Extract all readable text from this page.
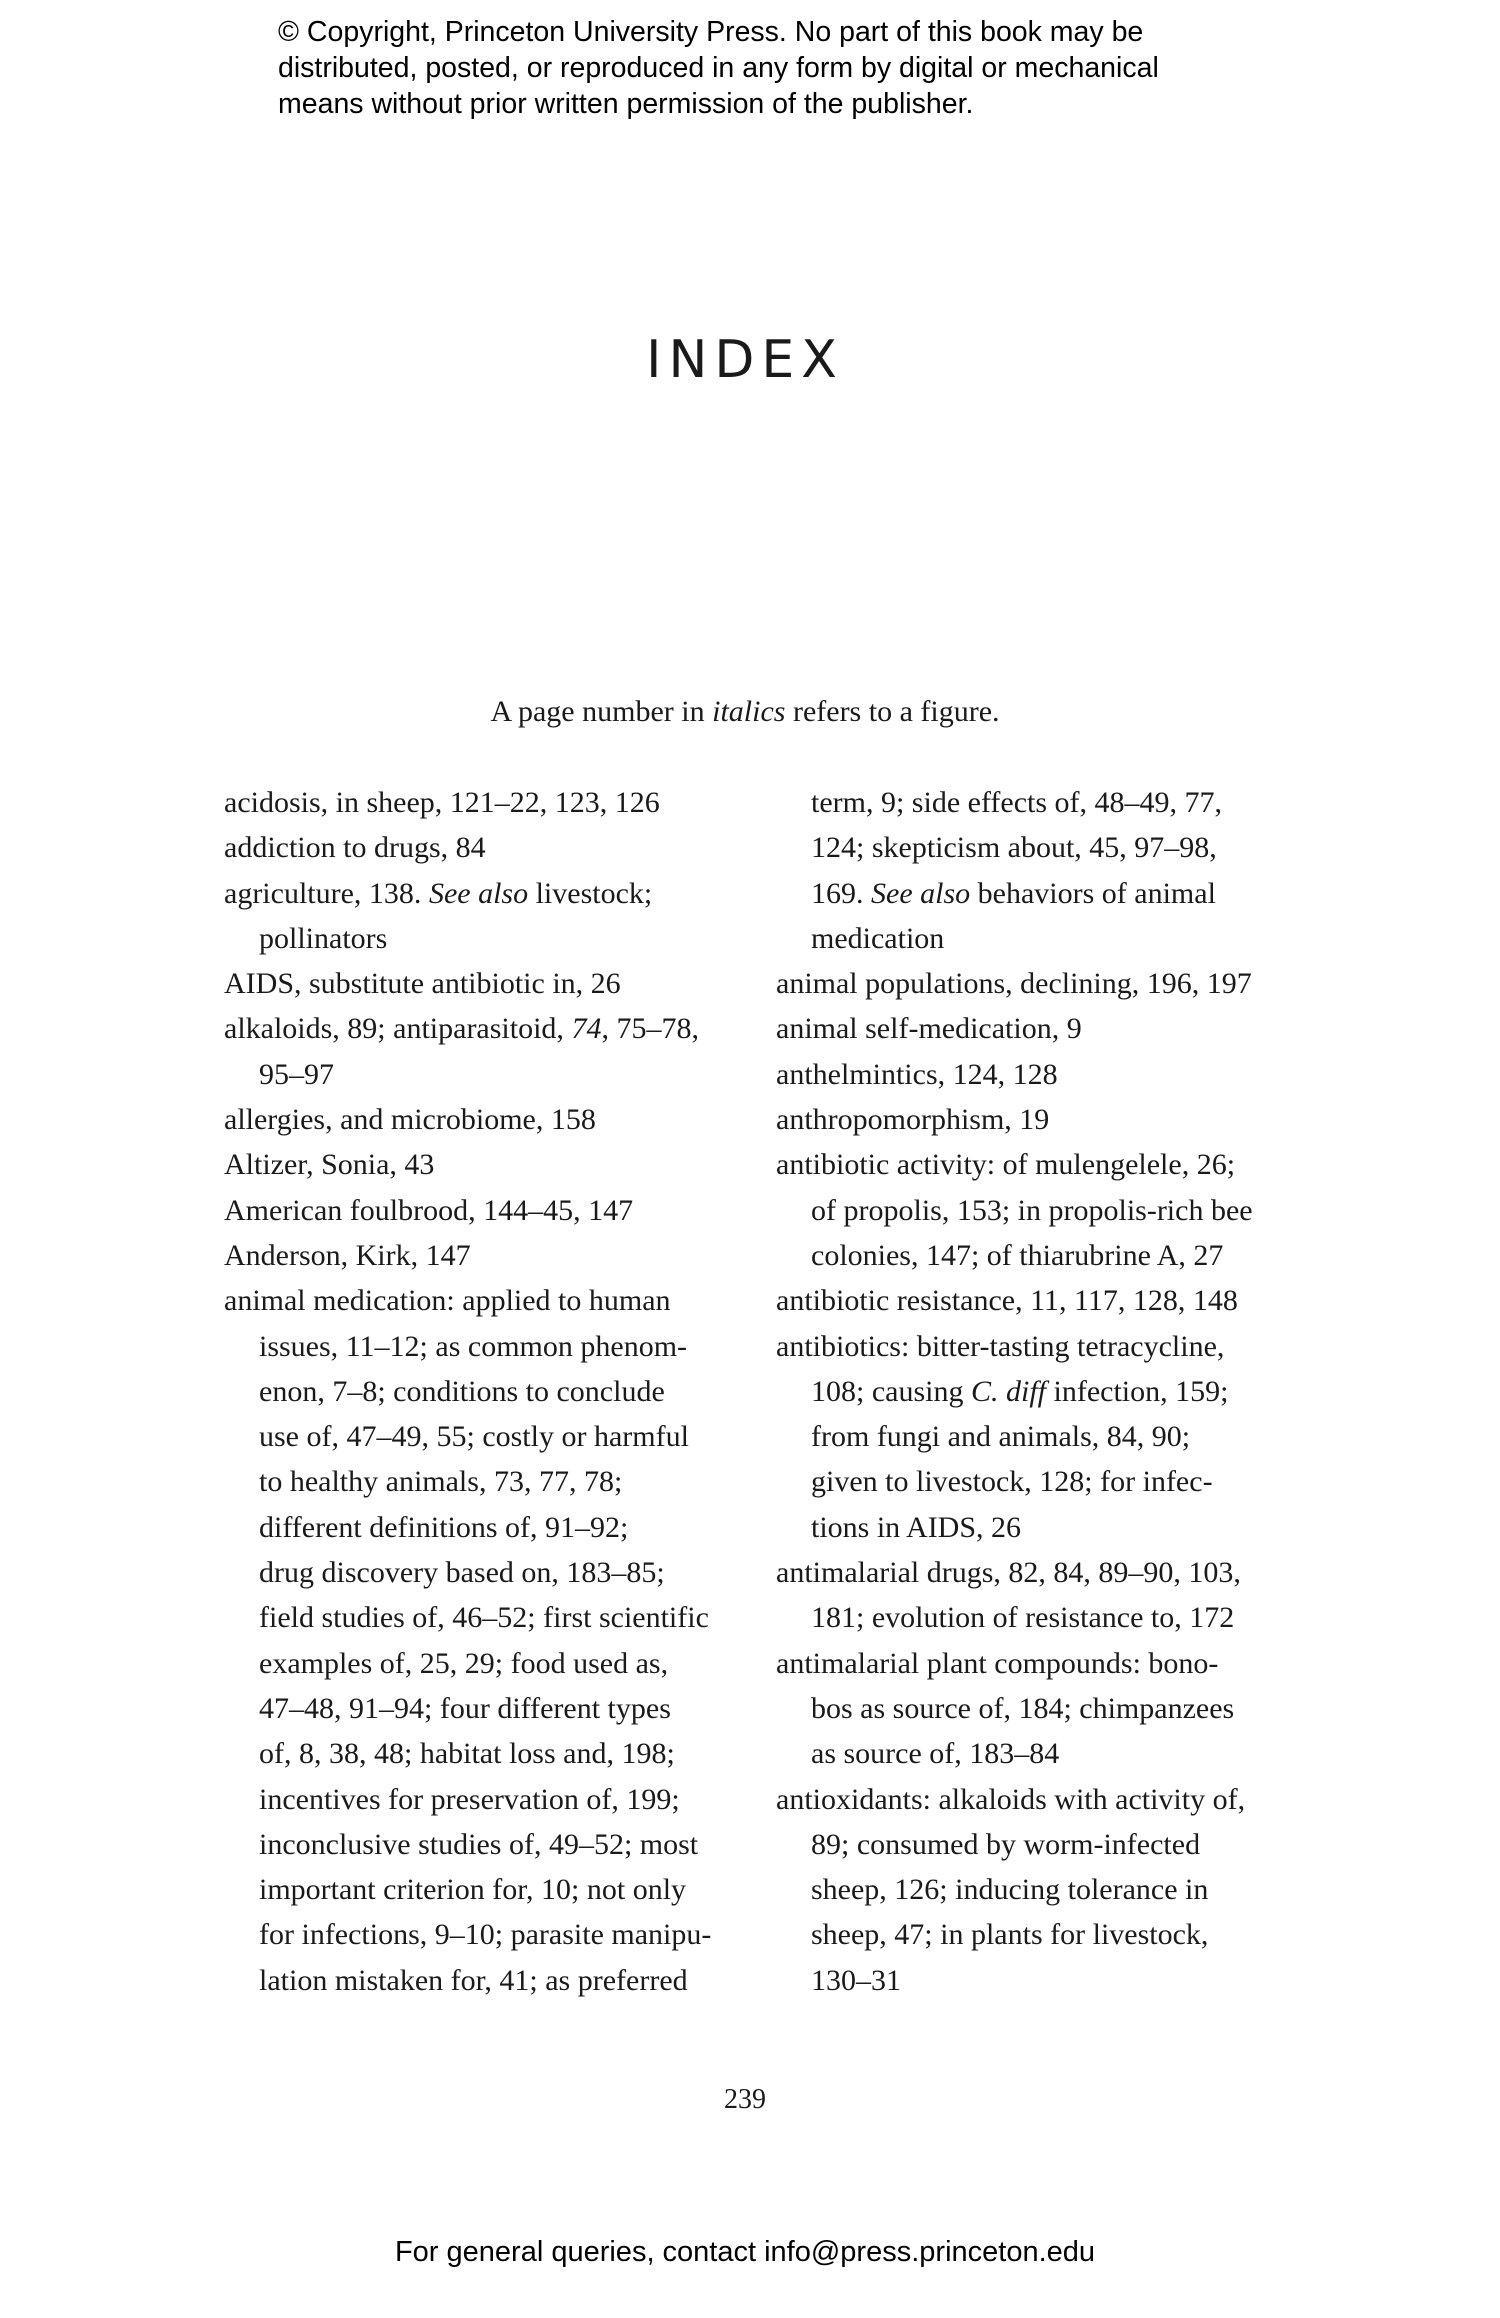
© Copyright, Princeton University Press. No part of this book may be
distributed, posted, or reproduced in any form by digital or mechanical
means without prior written permission of the publisher.
INDEX
A page number in italics refers to a figure.
acidosis, in sheep, 121–22, 123, 126
addiction to drugs, 84
agriculture, 138. See also livestock;
pollinators
AIDS, substitute antibiotic in, 26
alkaloids, 89; antiparasitoid, 74, 75–78,
95–97
allergies, and microbiome, 158
Altizer, Sonia, 43
American foulbrood, 144–45, 147
Anderson, Kirk, 147
animal medication: applied to human
issues, 11–12; as common phenom-
enon, 7–8; conditions to conclude
use of, 47–49, 55; costly or harmful
to healthy animals, 73, 77, 78;
different definitions of, 91–92;
drug discovery based on, 183–85;
field studies of, 46–52; first scientific
examples of, 25, 29; food used as,
47–48, 91–94; four different types
of, 8, 38, 48; habitat loss and, 198;
incentives for preservation of, 199;
inconclusive studies of, 49–52; most
important criterion for, 10; not only
for infections, 9–10; parasite manipu-
lation mistaken for, 41; as preferred
term, 9; side effects of, 48–49, 77,
124; skepticism about, 45, 97–98,
169. See also behaviors of animal
medication
animal populations, declining, 196, 197
animal self-medication, 9
anthelmintics, 124, 128
anthropomorphism, 19
antibiotic activity: of mulengelele, 26;
of propolis, 153; in propolis-rich bee
colonies, 147; of thiarubrine A, 27
antibiotic resistance, 11, 117, 128, 148
antibiotics: bitter-tasting tetracycline,
108; causing C. diff infection, 159;
from fungi and animals, 84, 90;
given to livestock, 128; for infec-
tions in AIDS, 26
antimalarial drugs, 82, 84, 89–90, 103,
181; evolution of resistance to, 172
antimalarial plant compounds: bono-
bos as source of, 184; chimpanzees
as source of, 183–84
antioxidants: alkaloids with activity of,
89; consumed by worm-infected
sheep, 126; inducing tolerance in
sheep, 47; in plants for livestock,
130–31
239
For general queries, contact info@press.princeton.edu
